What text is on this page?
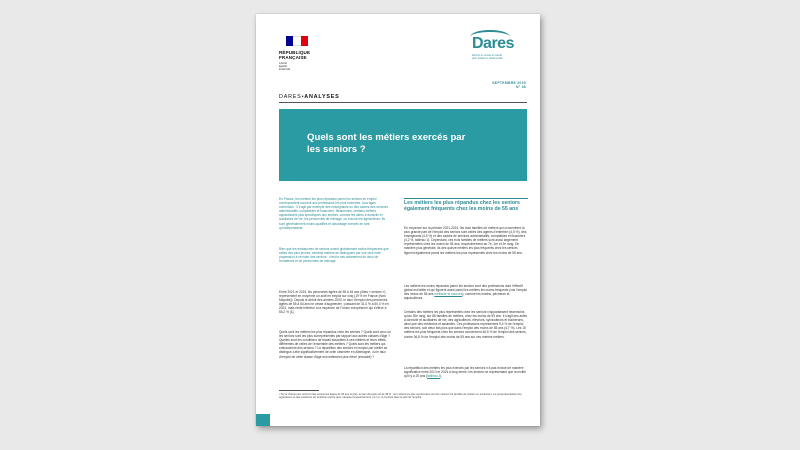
RÉPUBLIQUE
FRANÇAISE
Liberté
Égalité
Fraternité
Dares
Décrire le monde du travail
pour éclairer le débat public
SEPTEMBRE 2025
N° 48
DARES•ANALYSES
Quels sont les métiers exercés par les seniors ?

En France, les métiers les plus répandus parmi les seniors en emploi correspondent souvent aux professions les plus exercées, tous âges confondus : il s'agit par exemple des enseignants ou des cadres des services administratifs, comptables et financiers. Néanmoins, certains métiers apparaissent plus spécifiques aux seniors, comme les aides à domicile et auxiliaires de vie, les personnels de ménage, ou encore les agriculteurs. Ils sont généralement moins qualifiés et davantage exercés en tant qu'indépendants.

Bien que les embauches de seniors soient globalement moins fréquentes que celles des plus jeunes, certains métiers se distinguent par une plus forte propension à recruter des seniors : c'est le cas notamment de ceux de formateurs et de personnels de ménage.

Entre 2021 et 2024, les personnes âgées de 55 à 64 ans (dites « seniors ») représentent en moyenne un actif en emploi sur cinq (19 % en France (hors Mayotte)). Depuis le début des années 2000, le taux d'emploi des personnes âgées de 55 à 64 ans ne cesse d'augmenter : passant de 31,0 % à 60,4 % en 2024, mais reste inférieur à la moyenne de l'Union européenne qui s'élève à 65,2 % [1].

Quels sont les métiers les plus répandus chez les seniors ? Quels sont ceux où les seniors sont les plus surreprésentés par rapport aux autres classes d'âge ? Quelles sont les conditions de travail associées à ces métiers et leurs effets, différentes de celles de l'ensemble des métiers ? Quels sont les métiers qui embauchent des seniors ? La répartition des seniors en emploi par métier se distingue-t-elle significativement de celle observée en Allemagne, où le taux d'emploi de cette classe d'âge est nettement plus élevé (encadré) ?

Les métiers les plus répandus chez les seniors également fréquents chez les moins de 55 ans

En moyenne sur la période 2021-2024, les trois familles de métiers qui concentrent la plus grande part de l'emploi des seniors sont celles des agents d'entretien (4,5 %), des enseignants (4,5 %) et des cadres de services administratifs, comptables et financiers (4,2 %, tableau 1). Cependant, ces trois familles de métiers sont aussi largement représentées chez les moins de 55 ans, respectivement au 7e, 1er et 2e rang. De manière plus générale, ils des quinze métiers les plus fréquents chez les seniors figurent également parmi les métiers les plus représentés chez les moins de 55 ans.

Les métiers les moins répandus parmi les seniors sont des professions dont l'effectif global est faible et qui figurent aussi parmi les métiers les moins fréquents (voir l'emploi des moins de 55 ans méthode et sources), comme les marins, pêcheurs et aquaculteurs.

Certains des métiers les plus représentés chez les seniors n'apparaissent néanmoins qu'au 30e rang, sur 86 familles de métiers, chez les moins de 55 ans. Il s'agit des aides à domicile et auxiliaires de vie, des agriculteurs, éleveurs, sylviculteurs et bûcherons, ainsi que des médecins et assimilés. Ces professions représentent 9,4 % de l'emploi des seniors, soit deux fois plus que dans l'emploi des moins de 55 ans (4,7 %). Les 15 métiers les plus fréquents chez les seniors concentrent 46,5 % de l'emploi des seniors, contre 36,8 % de l'emploi des moins de 55 ans sur ces mêmes métiers.

La répartition des métiers les plus exercés par les seniors n'a pas évolué de manière significative entre 2013 et 2024 à long terme, les seniors ne représentant que la moitié qu'il y a 20 ans (tableau 2).

¹ Sur le champ plus restreint des personnes âgées de 60 ans et plus, le taux d'emploi est de 38 % ; les métiers les plus représentés sont les mêmes (21 familles de métiers en exclusion). La surreprésentation des agriculteurs et des médecins est toutefois encore plus marquée (respectivement +4,7 et +1,9 points dans la part de l'emploi).
